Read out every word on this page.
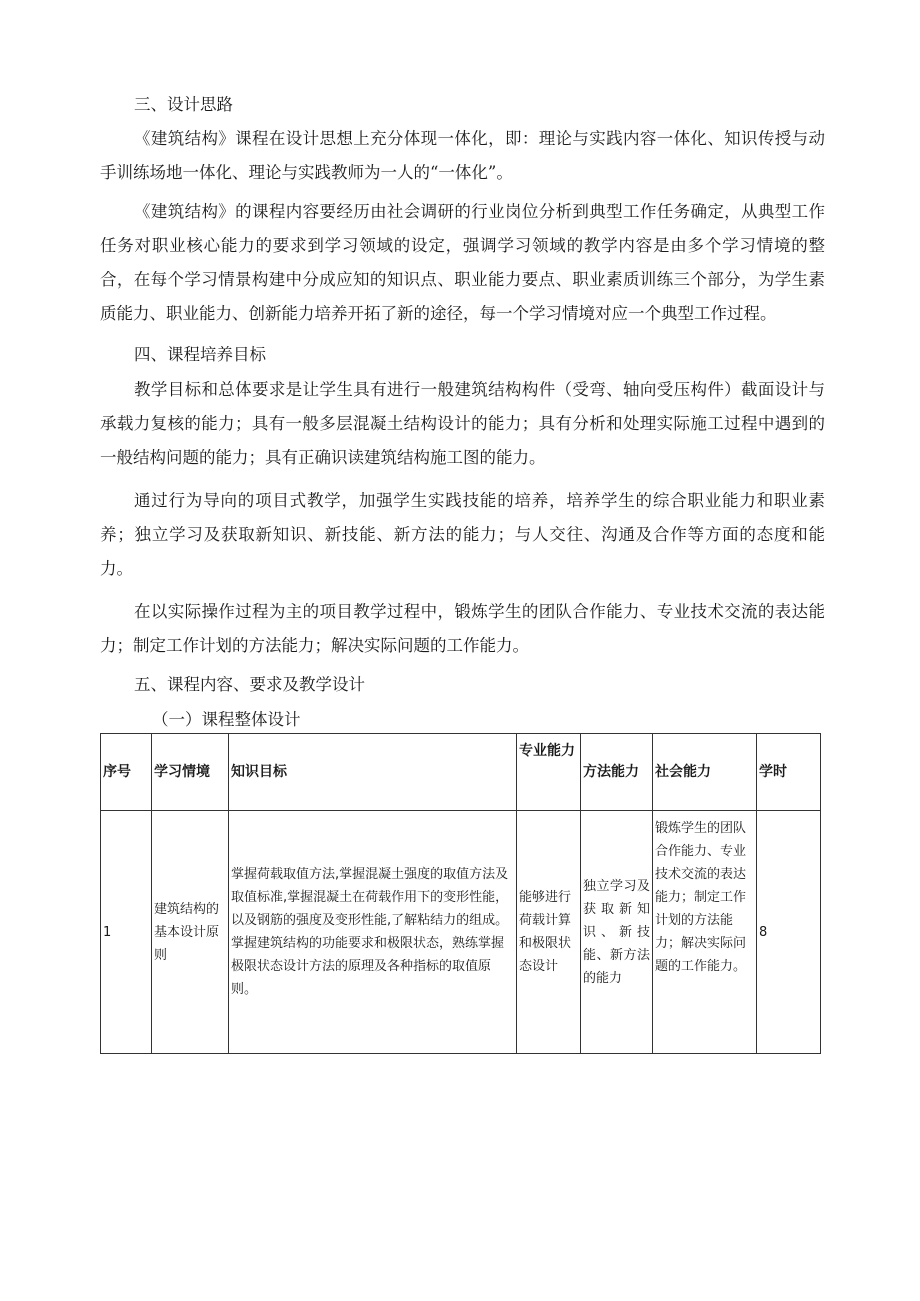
三、设计思路

《建筑结构》课程在设计思想上充分体现一体化，即：理论与实践内容一体化、知识传授与动手训练场地一体化、理论与实践教师为一人的“一体化”。

《建筑结构》的课程内容要经历由社会调研的行业岗位分析到典型工作任务确定，从典型工作任务对职业核心能力的要求到学习领域的设定，强调学习领域的教学内容是由多个学习情境的整合，在每个学习情景构建中分成应知的知识点、职业能力要点、职业素质训练三个部分，为学生素质能力、职业能力、创新能力培养开拓了新的途径，每一个学习情境对应一个典型工作过程。

四、课程培养目标

教学目标和总体要求是让学生具有进行一般建筑结构构件（受弯、轴向受压构件）截面设计与承载力复核的能力；具有一般多层混凝土结构设计的能力；具有分析和处理实际施工过程中遇到的一般结构问题的能力；具有正确识读建筑结构施工图的能力。

通过行为导向的项目式教学，加强学生实践技能的培养，培养学生的综合职业能力和职业素养；独立学习及获取新知识、新技能、新方法的能力；与人交往、沟通及合作等方面的态度和能力。

在以实际操作过程为主的项目教学过程中，锻炼学生的团队合作能力、专业技术交流的表达能力；制定工作计划的方法能力；解决实际问题的工作能力。

五、课程内容、要求及教学设计

（一）课程整体设计

序号	学习情境	知识目标	专业能力	方法能力	社会能力	学时
1	建筑结构的基本设计原则	掌握荷载取值方法,掌握混凝土强度的取值方法及取值标准,掌握混凝土在荷载作用下的变形性能，以及钢筋的强度及变形性能,了解粘结力的组成。掌握建筑结构的功能要求和极限状态，熟练掌握极限状态设计方法的原理及各种指标的取值原则。	能够进行荷载计算和极限状态设计	独立学习及获取新知识、新技能、新方法的能力	锻炼学生的团队合作能力、专业技术交流的表达能力；制定工作计划的方法能力；解决实际问题的工作能力。	8
